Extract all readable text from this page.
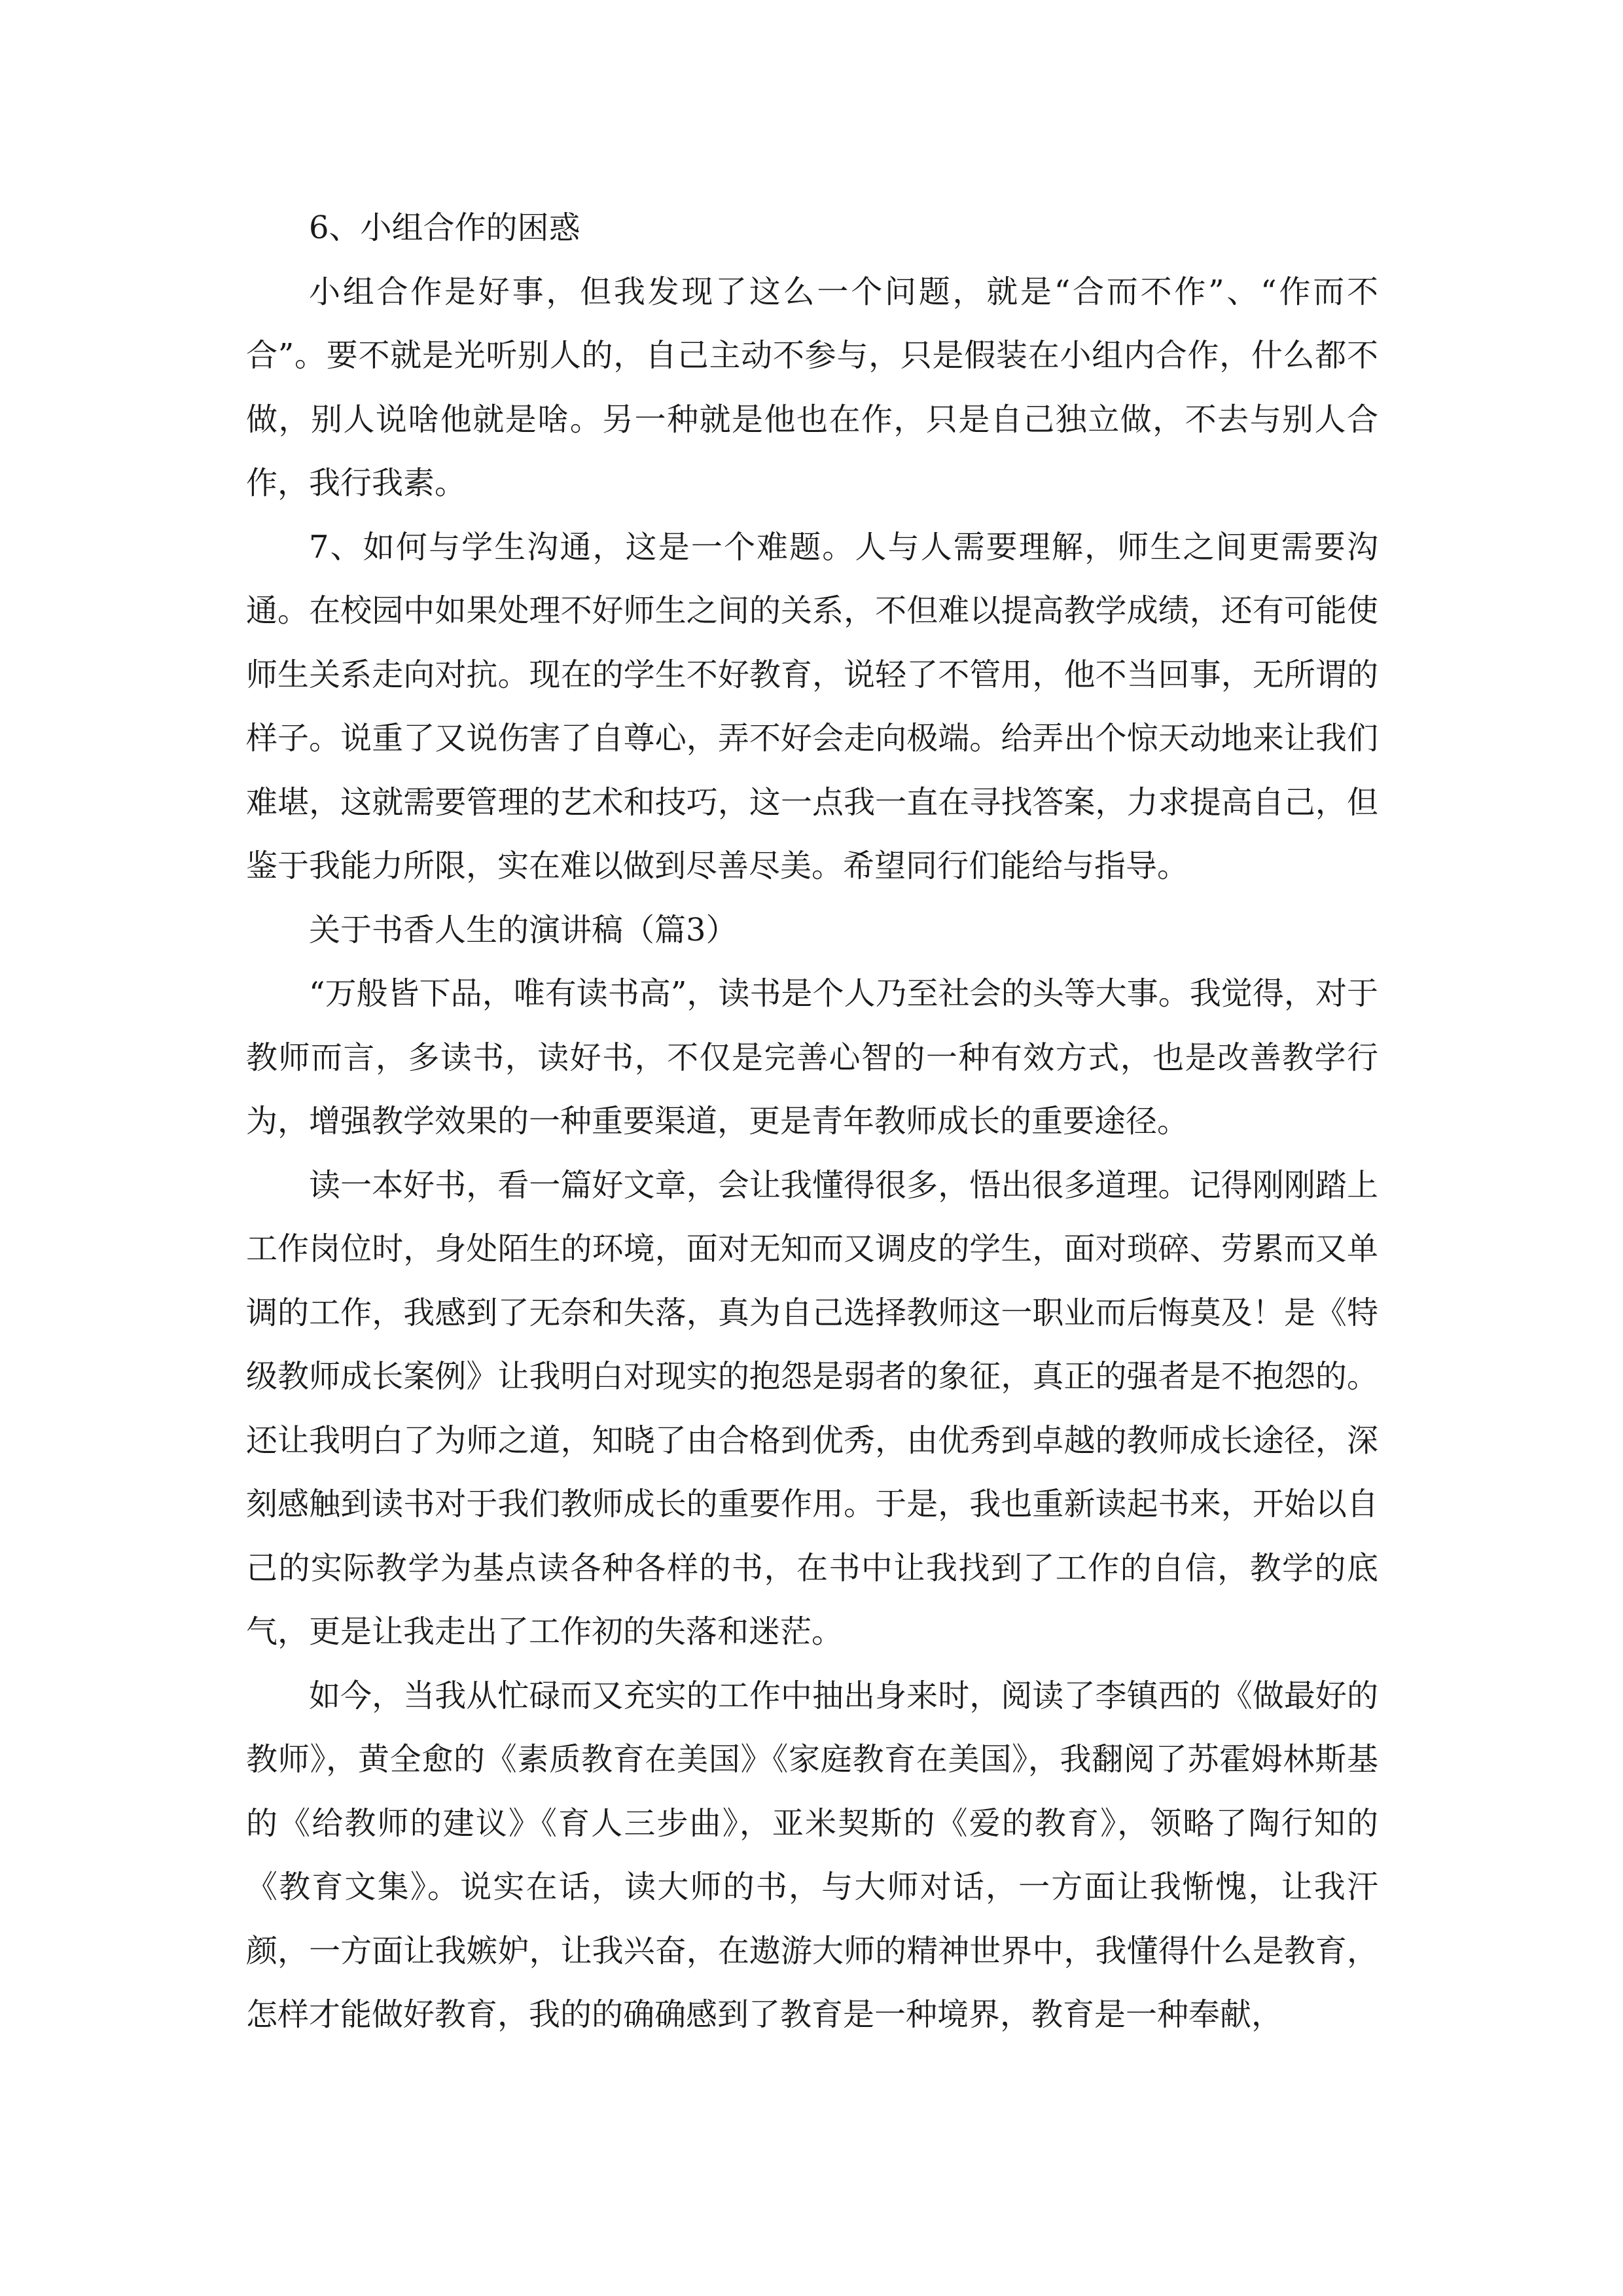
6、小组合作的困惑

小组合作是好事，但我发现了这么一个问题，就是“合而不作”、“作而不合”。要不就是光听别人的，自己主动不参与，只是假装在小组内合作，什么都不做，别人说啥他就是啥。另一种就是他也在作，只是自己独立做，不去与别人合作，我行我素。

7、如何与学生沟通，这是一个难题。人与人需要理解，师生之间更需要沟通。在校园中如果处理不好师生之间的关系，不但难以提高教学成绩，还有可能使师生关系走向对抗。现在的学生不好教育，说轻了不管用，他不当回事，无所谓的样子。说重了又说伤害了自尊心，弄不好会走向极端。给弄出个惊天动地来让我们难堪，这就需要管理的艺术和技巧，这一点我一直在寻找答案，力求提高自己，但鉴于我能力所限，实在难以做到尽善尽美。希望同行们能给与指导。

关于书香人生的演讲稿（篇3）

“万般皆下品，唯有读书高”，读书是个人乃至社会的头等大事。我觉得，对于教师而言，多读书，读好书，不仅是完善心智的一种有效方式，也是改善教学行为，增强教学效果的一种重要渠道，更是青年教师成长的重要途径。

读一本好书，看一篇好文章，会让我懂得很多，悟出很多道理。记得刚刚踏上工作岗位时，身处陌生的环境，面对无知而又调皮的学生，面对琐碎、劳累而又单调的工作，我感到了无奈和失落，真为自己选择教师这一职业而后悔莫及！是《特级教师成长案例》让我明白对现实的抱怨是弱者的象征，真正的强者是不抱怨的。还让我明白了为师之道，知晓了由合格到优秀，由优秀到卓越的教师成长途径，深刻感触到读书对于我们教师成长的重要作用。于是，我也重新读起书来，开始以自己的实际教学为基点读各种各样的书，在书中让我找到了工作的自信，教学的底气，更是让我走出了工作初的失落和迷茫。

如今，当我从忙碌而又充实的工作中抽出身来时，阅读了李镇西的《做最好的教师》，黄全愈的《素质教育在美国》《家庭教育在美国》，我翻阅了苏霍姆林斯基的《给教师的建议》《育人三步曲》，亚米契斯的《爱的教育》，领略了陶行知的《教育文集》。说实在话，读大师的书，与大师对话，一方面让我惭愧，让我汗颜，一方面让我嫉妒，让我兴奋，在遨游大师的精神世界中，我懂得什么是教育，怎样才能做好教育，我的的确确感到了教育是一种境界，教育是一种奉献，
